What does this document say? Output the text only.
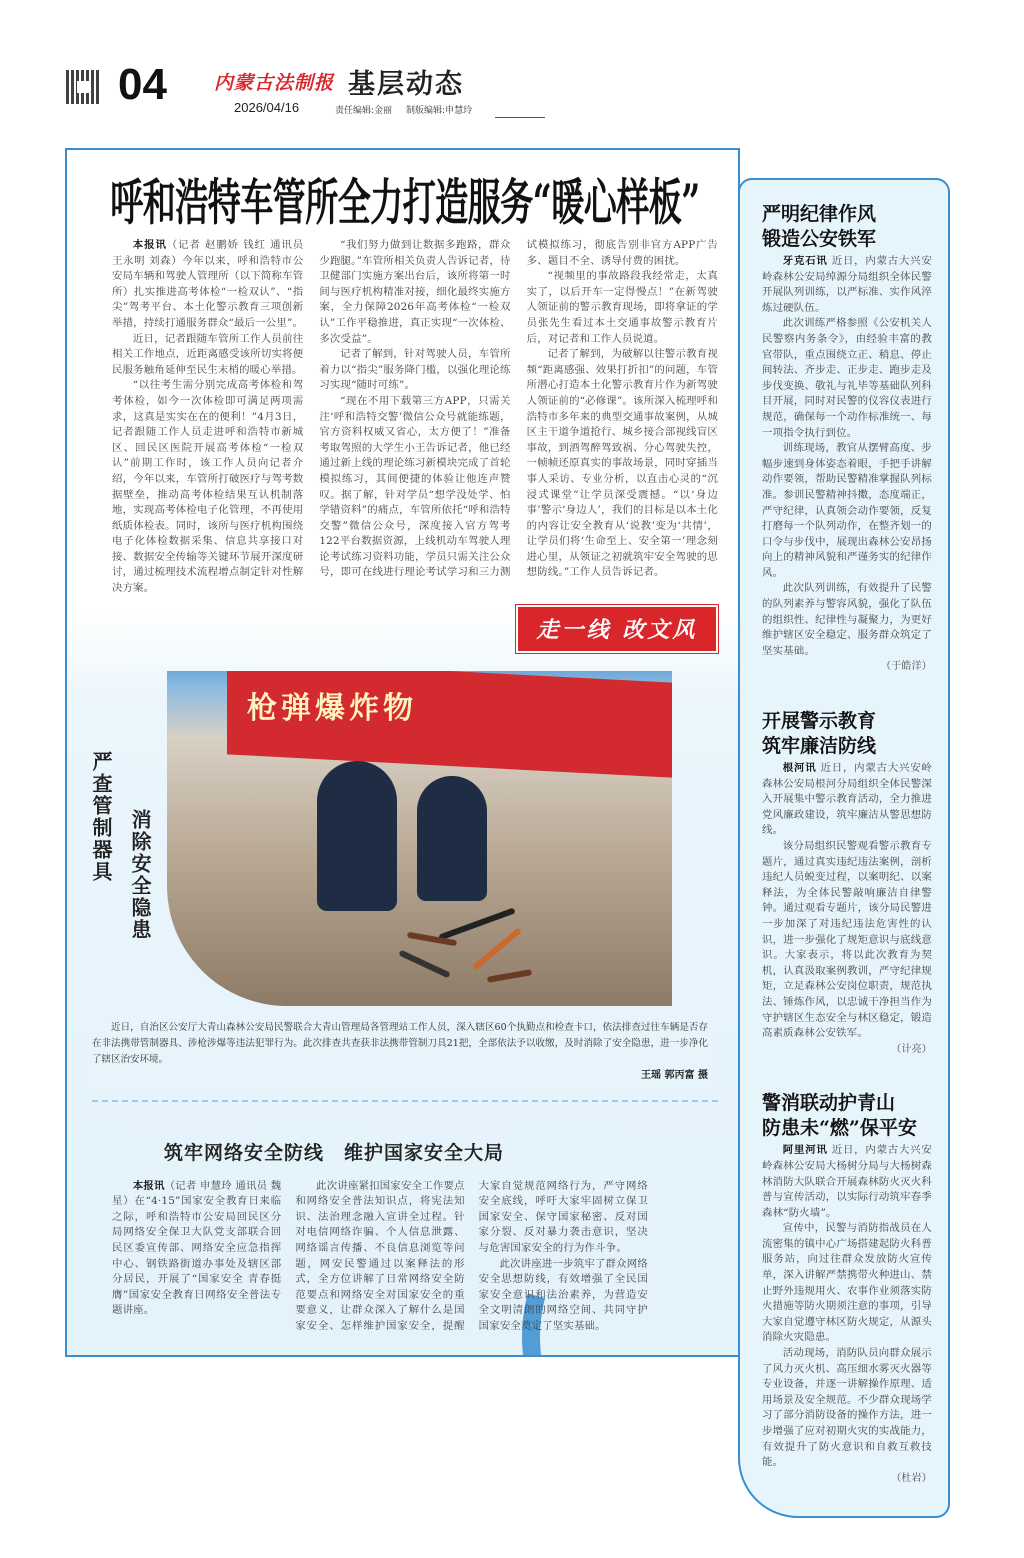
04 内蒙古法制报
2026/04/16
基层动态
责任编辑:金丽 制版编辑:申慧玲
呼和浩特车管所全力打造服务“暖心样板”

本报讯（记者 赵鹏娇 钱红 通讯员 王永明 刘森）今年以来，呼和浩特市公安局车辆和驾驶人管理所（以下简称车管所）扎实推进高考体检“一检双认”、“指尖”驾考平台、本土化警示教育三项创新举措，持续打通服务群众“最后一公里”。

近日，记者跟随车管所工作人员前往相关工作地点，近距离感受该所切实将便民服务触角延伸至民生末梢的暖心举措。

“以往考生需分别完成高考体检和驾考体检，如今一次体检即可满足两项需求，这真是实实在在的便利！”4月3日，记者跟随工作人员走进呼和浩特市新城区、回民区医院开展高考体检“一检双认”前期工作时，该工作人员向记者介绍，今年以来，车管所打破医疗与驾考数据壁垒，推动高考体检结果互认机制落地，实现高考体检电子化管理，不再使用纸质体检表。同时，该所与医疗机构围绕电子化体检数据采集、信息共享接口对接、数据安全传输等关键环节展开深度研讨，通过梳理技术流程增点制定针对性解决方案。

“我们努力做到让数据多跑路，群众少跑腿。”车管所相关负责人告诉记者，待卫健部门实施方案出台后，该所将第一时间与医疗机构精准对接，细化最终实施方案，全力保障2026年高考体检“一检双认”工作平稳推进，真正实现“一次体检、多次受益”。

记者了解到，针对驾驶人员，车管所着力以“指尖”服务降门槛，以强化理论练习实现“随时可练”。

“现在不用下载第三方APP，只需关注‘呼和浩特交警’微信公众号就能练题，官方资料权威又省心，太方便了！”准备考取驾照的大学生小王告诉记者，他已经通过新上线的理论练习新模块完成了首轮模拟练习，其间便捷的体验让他连声赞叹。据了解，针对学员“想学没处学、怕学错资料”的痛点，车管所依托“呼和浩特交警”微信公众号，深度接入官方驾考122平台数据资源，上线机动车驾驶人理论考试练习资料功能，学员只需关注公众号，即可在线进行理论考试学习和三力测试模拟练习，彻底告别非官方APP广告多、题目不全、诱导付费的困扰。

“视频里的事故路段我经常走，太真实了，以后开车一定得慢点！”在新驾驶人领证前的警示教育现场，即将拿证的学员张先生看过本土交通事故警示教育片后，对记者和工作人员说道。

记者了解到，为破解以往警示教育视频“距离感强、效果打折扣”的问题，车管所潜心打造本土化警示教育片作为新驾驶人领证前的“必修课”。该所深入梳理呼和浩特市多年来的典型交通事故案例，从城区主干道争道抢行、城乡接合部视线盲区事故，到酒驾醉驾致祸、分心驾驶失控，一帧帧还原真实的事故场景，同时穿插当事人采访、专业分析，以直击心灵的“沉浸式课堂”让学员深受震撼。“以‘身边事’警示‘身边人’，我们的目标是以本土化的内容让安全教育从‘说教’变为‘共情’，让学员们将‘生命至上、安全第一’理念刻进心里，从领证之初就筑牢安全驾驶的思想防线。”工作人员告诉记者。

走一线 改文风
严查管制器具 消除安全隐患
枪弹爆炸物
近日，自治区公安厅大青山森林公安局民警联合大青山管理局各管理站工作人员，深入辖区60个执勤点和检查卡口，依法排查过往车辆是否存在非法携带管制器具、涉枪涉爆等违法犯罪行为。此次排查共查获非法携带管制刀具21把，全部依法予以收缴，及时消除了安全隐患，进一步净化了辖区治安环境。
王瑶 郭丙富 摄
筑牢网络安全防线　维护国家安全大局

本报讯（记者 申慧玲 通讯员 魏星）在“4·15”国家安全教育日来临之际，呼和浩特市公安局回民区分局网络安全保卫大队党支部联合回民区委宣传部、网络安全应急指挥中心、钢铁路街道办事处及辖区部分居民，开展了“国家安全 青春挺膺”国家安全教育日网络安全普法专题讲座。

此次讲座紧扣国家安全工作要点和网络安全普法知识点，将宪法知识、法治理念融入宣讲全过程。针对电信网络诈骗、个人信息泄露、网络谣言传播、不良信息浏览等问题，网安民警通过以案释法的形式，全方位讲解了日常网络安全防范要点和网络安全对国家安全的重要意义，让群众深入了解什么是国家安全、怎样维护国家安全，提醒大家自觉规范网络行为，严守网络安全底线，呼吁大家牢固树立保卫国家安全、保守国家秘密、反对国家分裂、反对暴力袭击意识，坚决与危害国家安全的行为作斗争。

此次讲座进一步筑牢了群众网络安全思想防线，有效增强了全民国家安全意识和法治素养，为营造安全文明清朗的网络空间、共同守护国家安全奠定了坚实基础。

严明纪律作风
锻造公安铁军

牙克石讯 近日，内蒙古大兴安岭森林公安局绰源分局组织全体民警开展队列训练，以严标准、实作风淬炼过硬队伍。

此次训练严格参照《公安机关人民警察内务条令》，由经验丰富的教官带队，重点围绕立正、稍息、停止间转法、齐步走、正步走、跑步走及步伐变换、敬礼与礼毕等基础队列科目开展，同时对民警的仪容仪表进行规范，确保每一个动作标准统一、每一项指令执行到位。

训练现场，教官从摆臂高度、步幅步速到身体姿态着眼，手把手讲解动作要领，帮助民警精准掌握队列标准。参训民警精神抖擞，态度端正，严守纪律，认真领会动作要领，反复打磨每一个队列动作，在整齐划一的口令与步伐中，展现出森林公安昂扬向上的精神风貌和严谨务实的纪律作风。

此次队列训练，有效提升了民警的队列素养与警容风貌，强化了队伍的组织性、纪律性与凝聚力，为更好维护辖区安全稳定、服务群众筑定了坚实基础。

（于皓洋）
开展警示教育
筑牢廉洁防线

根河讯 近日，内蒙古大兴安岭森林公安局根河分局组织全体民警深入开展集中警示教育活动，全力推进党风廉政建设，筑牢廉洁从警思想防线。

该分局组织民警观看警示教育专题片，通过真实违纪违法案例，剖析违纪人员蜕变过程，以案明纪、以案释法，为全体民警敲响廉洁自律警钟。通过观看专题片，该分局民警进一步加深了对违纪违法危害性的认识，进一步强化了规矩意识与底线意识。大家表示，将以此次教育为契机，认真汲取案例教训，严守纪律规矩，立足森林公安岗位职责，规范执法、锤炼作风，以忠诚干净担当作为守护辖区生态安全与林区稳定，锻造高素质森林公安铁军。

（计亮）
警消联动护青山
防患未“燃”保平安

阿里河讯 近日，内蒙古大兴安岭森林公安局大杨树分局与大杨树森林消防大队联合开展森林防火灭火科普与宣传活动，以实际行动筑牢春季森林“防火墙”。

宣传中，民警与消防指战员在人流密集的镇中心广场搭建起防火科普服务站，向过往群众发放防火宣传单，深入讲解严禁携带火种进山、禁止野外违规用火、农事作业须落实防火措施等防火期须注意的事项，引导大家自觉遵守林区防火规定，从源头消除火灾隐患。

活动现场，消防队员向群众展示了风力灭火机、高压细水雾灭火器等专业设备，并逐一讲解操作原理、适用场景及安全规范。不少群众现场学习了部分消防设备的操作方法，进一步增强了应对初期火灾的实战能力，有效提升了防火意识和自救互救技能。

（杜岩）
